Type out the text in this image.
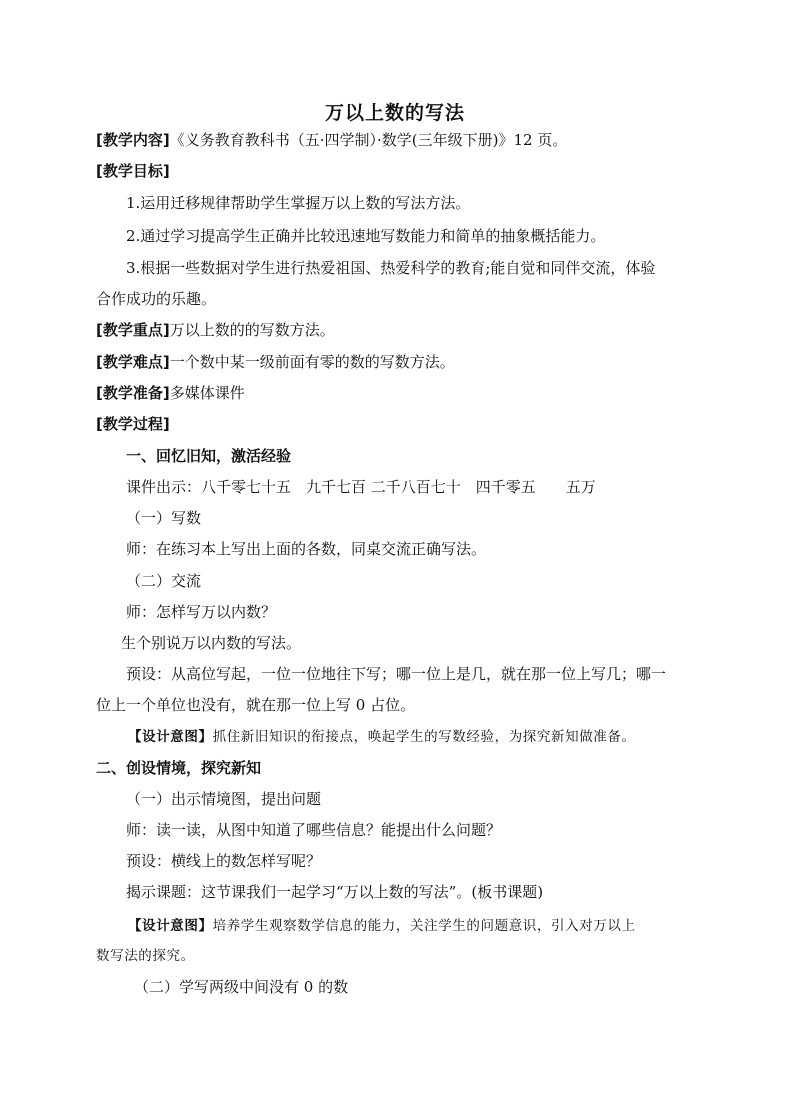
万以上数的写法
[教学内容]《义务教育教科书（五·四学制）·数学(三年级下册)》12 页。
[教学目标]
1.运用迁移规律帮助学生掌握万以上数的写法方法。
2.通过学习提高学生正确并比较迅速地写数能力和简单的抽象概括能力。
3.根据一些数据对学生进行热爱祖国、热爱科学的教育;能自觉和同伴交流，体验
合作成功的乐趣。
[教学重点]万以上数的的写数方法。
[教学难点]一个数中某一级前面有零的数的写数方法。
[教学准备]多媒体课件
[教学过程]
一、回忆旧知，激活经验
课件出示：八千零七十五　九千七百 二千八百七十　四千零五　　五万
（一）写数
师：在练习本上写出上面的各数，同桌交流正确写法。
（二）交流
师：怎样写万以内数？
生个别说万以内数的写法。
预设：从高位写起，一位一位地往下写；哪一位上是几，就在那一位上写几；哪一
位上一个单位也没有，就在那一位上写 0 占位。
【设计意图】抓住新旧知识的衔接点，唤起学生的写数经验，为探究新知做准备。
二、创设情境，探究新知
（一）出示情境图，提出问题
师：读一读，从图中知道了哪些信息？能提出什么问题？
预设：横线上的数怎样写呢？
揭示课题：这节课我们一起学习“万以上数的写法”。(板书课题)
【设计意图】培养学生观察数学信息的能力，关注学生的问题意识，引入对万以上
数写法的探究。
（二）学写两级中间没有 0 的数
